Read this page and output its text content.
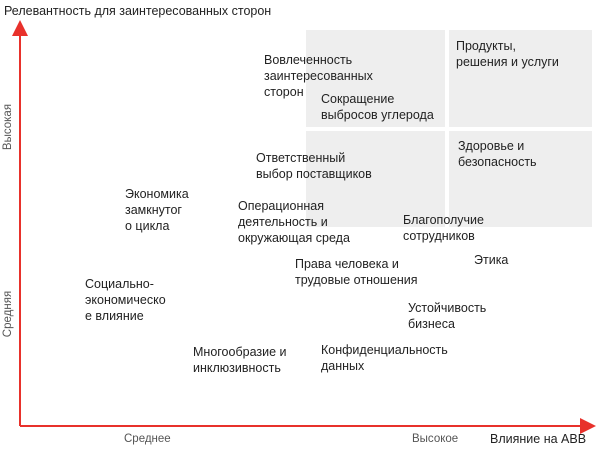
Релевантность для заинтересованных сторон
Влияние на АВВ
Высокая
Средняя
Среднее	Высокое
Вовлеченность
заинтересованных
сторон
Продукты,
решения и услуги
Сокращение
выбросов углерода
Ответственный
выбор поставщиков
Здоровье и
безопасность
Экономика
замкнутог
о цикла
Операционная
деятельность и
окружающая среда
Благополучие
сотрудников
Права человека и
трудовые отношения
Этика
Социально-
экономическо
е влияние
Устойчивость
бизнеса
Многообразие и
инклюзивность
Конфиденциальность
данных
